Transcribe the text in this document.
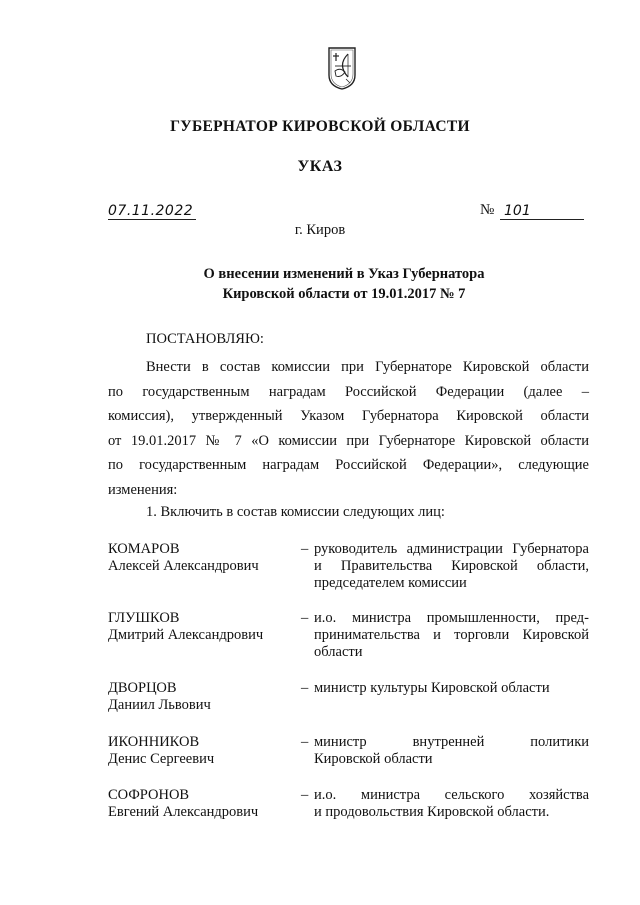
ГУБЕРНАТОР КИРОВСКОЙ ОБЛАСТИ
УКАЗ
07.11.2022	№ 101
г. Киров
О внесении изменений в Указ Губернатора
Кировской области от 19.01.2017 № 7
ПОСТАНОВЛЯЮ:
Внести в состав комиссии при Губернаторе Кировской области
по государственным наградам Российской Федерации (далее –
комиссия), утвержденный Указом Губернатора Кировской области
от 19.01.2017 № 7 «О комиссии при Губернаторе Кировской области
по государственным наградам Российской Федерации», следующие
изменения:
1. Включить в состав комиссии следующих лиц:
КОМАРОВ
Алексей Александрович
– руководитель администрации Губернатора
и Правительства Кировской области,
председателем комиссии
ГЛУШКОВ
Дмитрий Александрович
– и.о. министра промышленности, пред-
принимательства и торговли Кировской
области
ДВОРЦОВ
Даниил Львович
– министр культуры Кировской области
ИКОННИКОВ
Денис Сергеевич
– министр внутренней политики
Кировской области
СОФРОНОВ
Евгений Александрович
– и.о. министра сельского хозяйства
и продовольствия Кировской области.
